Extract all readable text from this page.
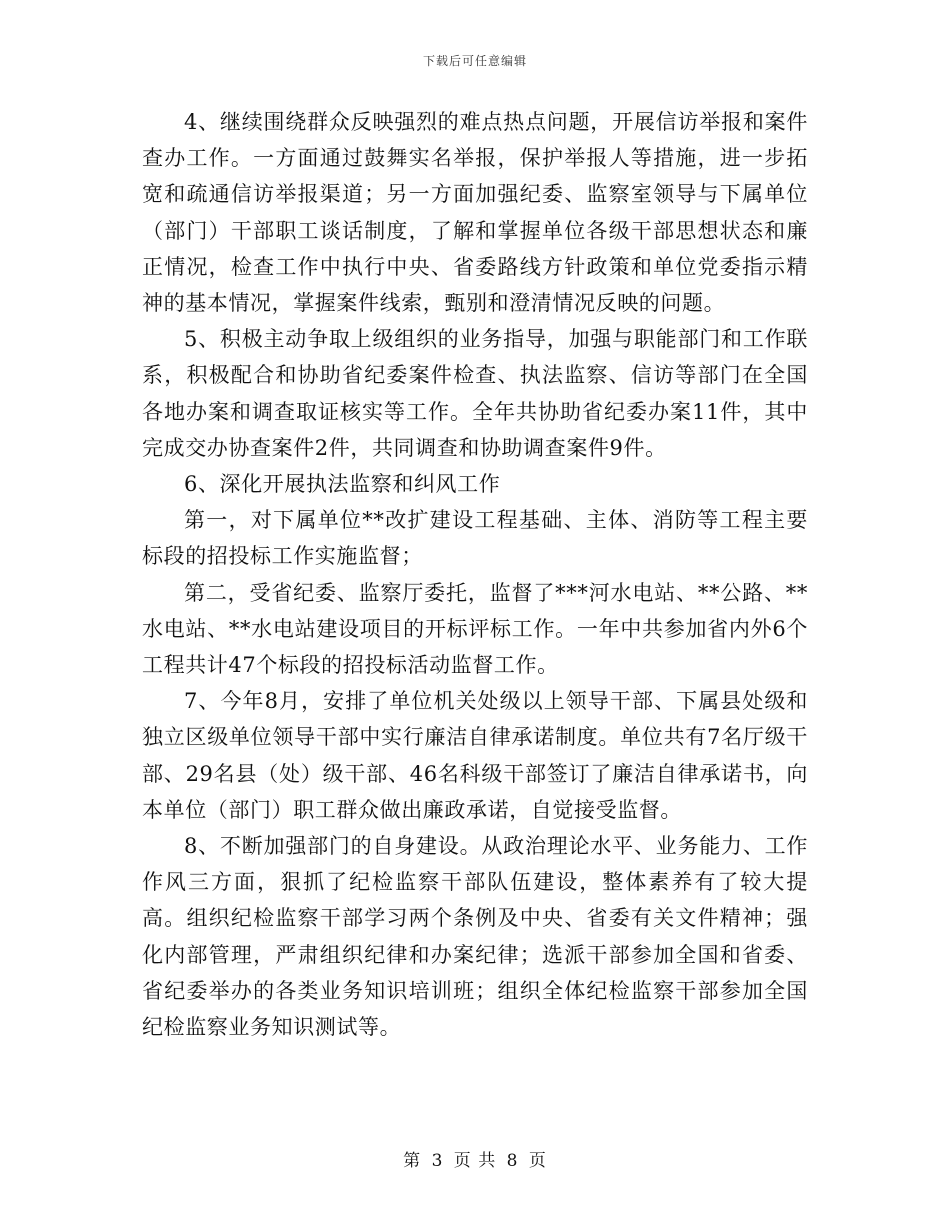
下载后可任意编辑

4、继续围绕群众反映强烈的难点热点问题，开展信访举报和案件查办工作。一方面通过鼓舞实名举报，保护举报人等措施，进一步拓宽和疏通信访举报渠道；另一方面加强纪委、监察室领导与下属单位（部门）干部职工谈话制度，了解和掌握单位各级干部思想状态和廉正情况，检查工作中执行中央、省委路线方针政策和单位党委指示精神的基本情况，掌握案件线索，甄别和澄清情况反映的问题。

5、积极主动争取上级组织的业务指导，加强与职能部门和工作联系，积极配合和协助省纪委案件检查、执法监察、信访等部门在全国各地办案和调查取证核实等工作。全年共协助省纪委办案11件，其中完成交办协查案件2件，共同调查和协助调查案件9件。

6、深化开展执法监察和纠风工作

第一，对下属单位**改扩建设工程基础、主体、消防等工程主要标段的招投标工作实施监督；

第二，受省纪委、监察厅委托，监督了***河水电站、**公路、**水电站、**水电站建设项目的开标评标工作。一年中共参加省内外6个工程共计47个标段的招投标活动监督工作。

7、今年8月，安排了单位机关处级以上领导干部、下属县处级和独立区级单位领导干部中实行廉洁自律承诺制度。单位共有7名厅级干部、29名县（处）级干部、46名科级干部签订了廉洁自律承诺书，向本单位（部门）职工群众做出廉政承诺，自觉接受监督。

8、不断加强部门的自身建设。从政治理论水平、业务能力、工作作风三方面，狠抓了纪检监察干部队伍建设，整体素养有了较大提高。组织纪检监察干部学习两个条例及中央、省委有关文件精神；强化内部管理，严肃组织纪律和办案纪律；选派干部参加全国和省委、省纪委举办的各类业务知识培训班；组织全体纪检监察干部参加全国纪检监察业务知识测试等。

第 3 页 共 8 页
